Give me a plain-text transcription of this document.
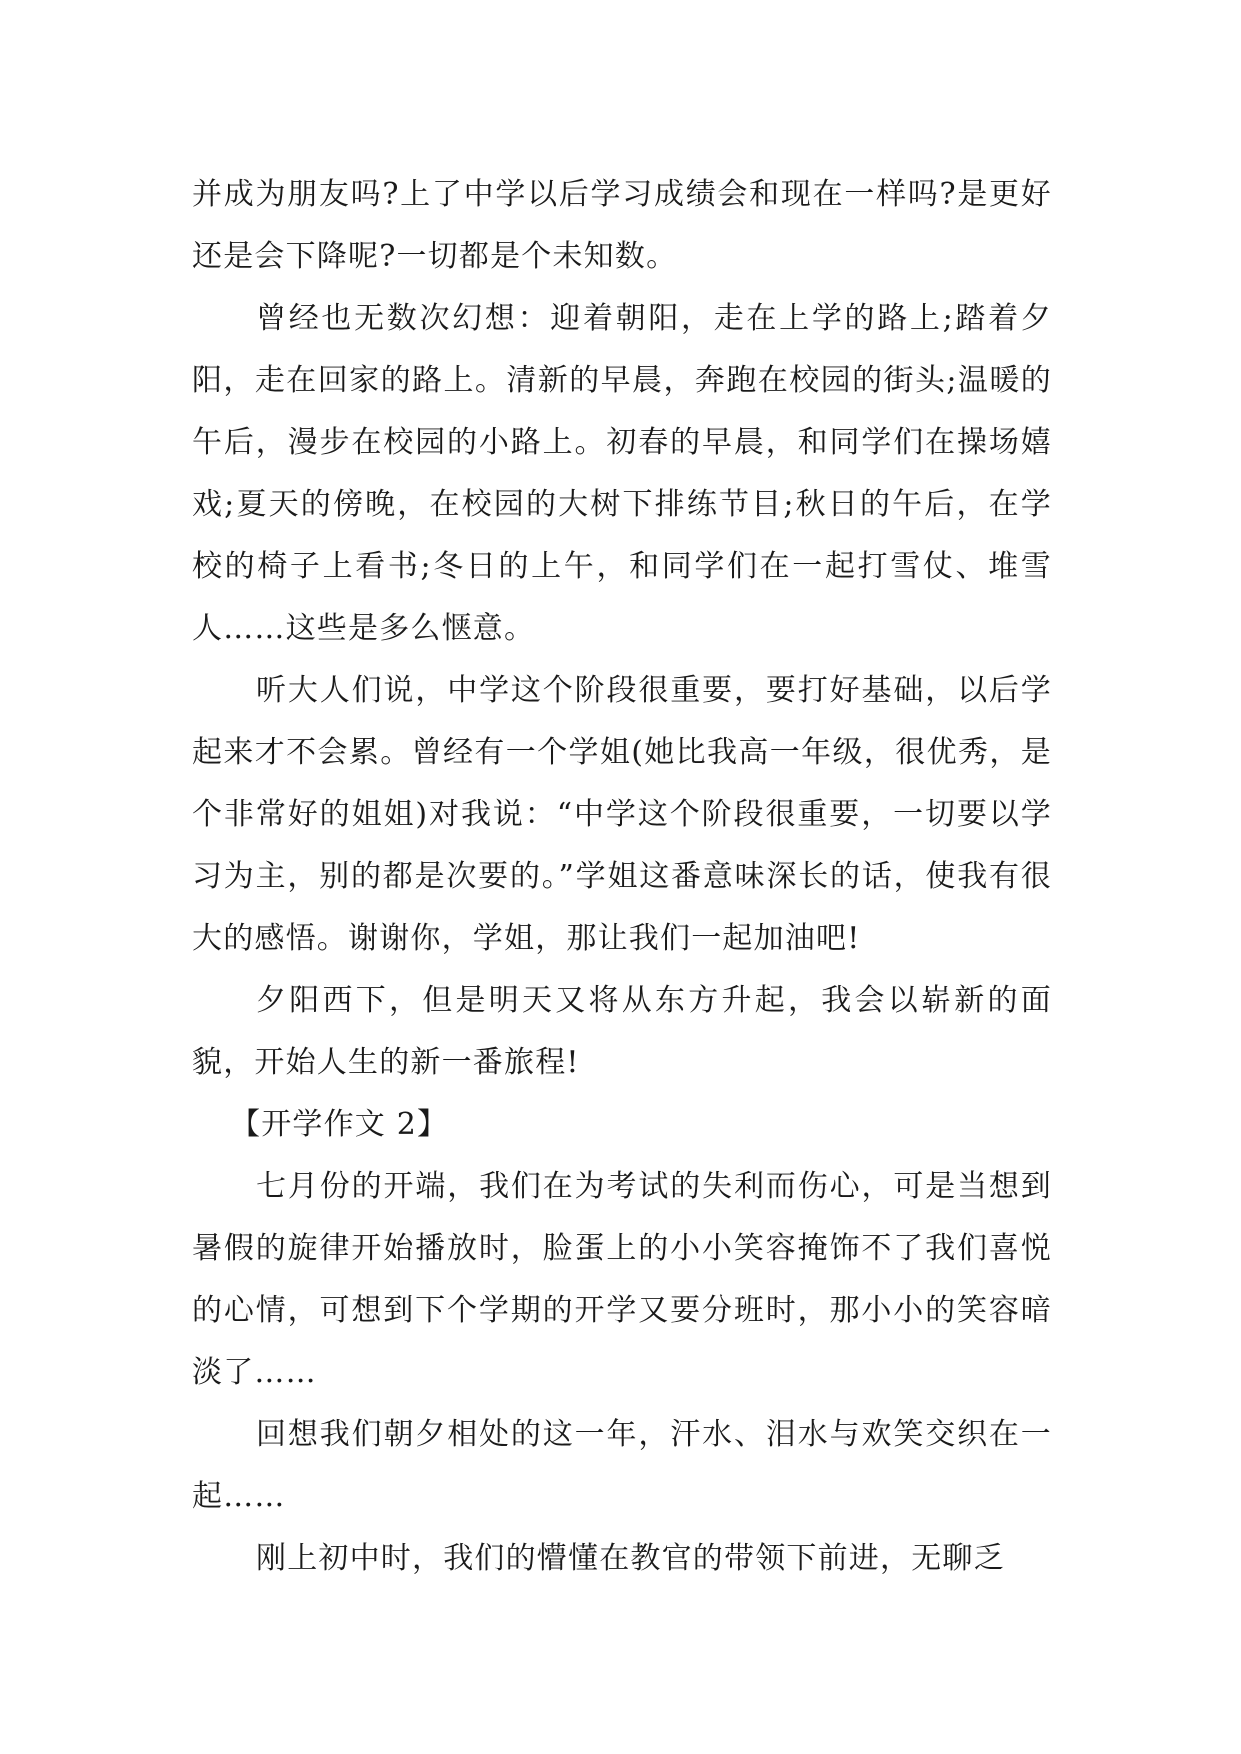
并成为朋友吗?上了中学以后学习成绩会和现在一样吗?是更好还是会下降呢?一切都是个未知数。

曾经也无数次幻想：迎着朝阳，走在上学的路上;踏着夕阳，走在回家的路上。清新的早晨，奔跑在校园的街头;温暖的午后，漫步在校园的小路上。初春的早晨，和同学们在操场嬉戏;夏天的傍晚，在校园的大树下排练节目;秋日的午后，在学校的椅子上看书;冬日的上午，和同学们在一起打雪仗、堆雪人……这些是多么惬意。

听大人们说，中学这个阶段很重要，要打好基础，以后学起来才不会累。曾经有一个学姐(她比我高一年级，很优秀，是个非常好的姐姐)对我说：“中学这个阶段很重要，一切要以学习为主，别的都是次要的。”学姐这番意味深长的话，使我有很大的感悟。谢谢你，学姐，那让我们一起加油吧!

夕阳西下，但是明天又将从东方升起，我会以崭新的面貌，开始人生的新一番旅程!

【开学作文 2】

七月份的开端，我们在为考试的失利而伤心，可是当想到暑假的旋律开始播放时，脸蛋上的小小笑容掩饰不了我们喜悦的心情，可想到下个学期的开学又要分班时，那小小的笑容暗淡了……

回想我们朝夕相处的这一年，汗水、泪水与欢笑交织在一起……

刚上初中时，我们的懵懂在教官的带领下前进，无聊乏
